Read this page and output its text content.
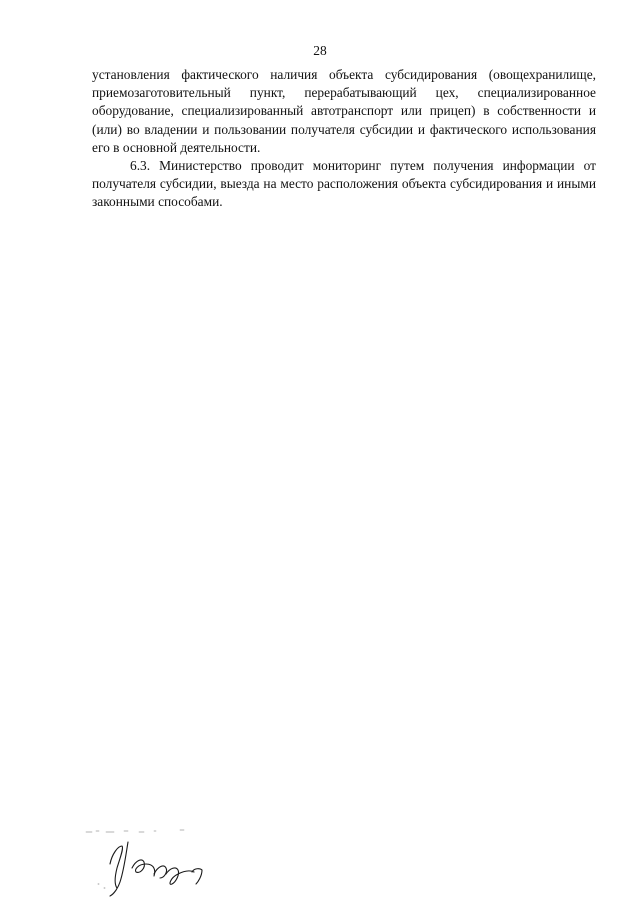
28

установления фактического наличия объекта субсидирования (овощехранилище, приемозаготовительный пункт, перерабатывающий цех, специализированное оборудование, специализированный автотранспорт или прицеп) в собственности и (или) во владении и пользовании получателя субсидии и фактического использования его в основной деятельности.

6.3. Министерство проводит мониторинг путем получения информации от получателя субсидии, выезда на место расположения объекта субсидирования и иными законными способами.
